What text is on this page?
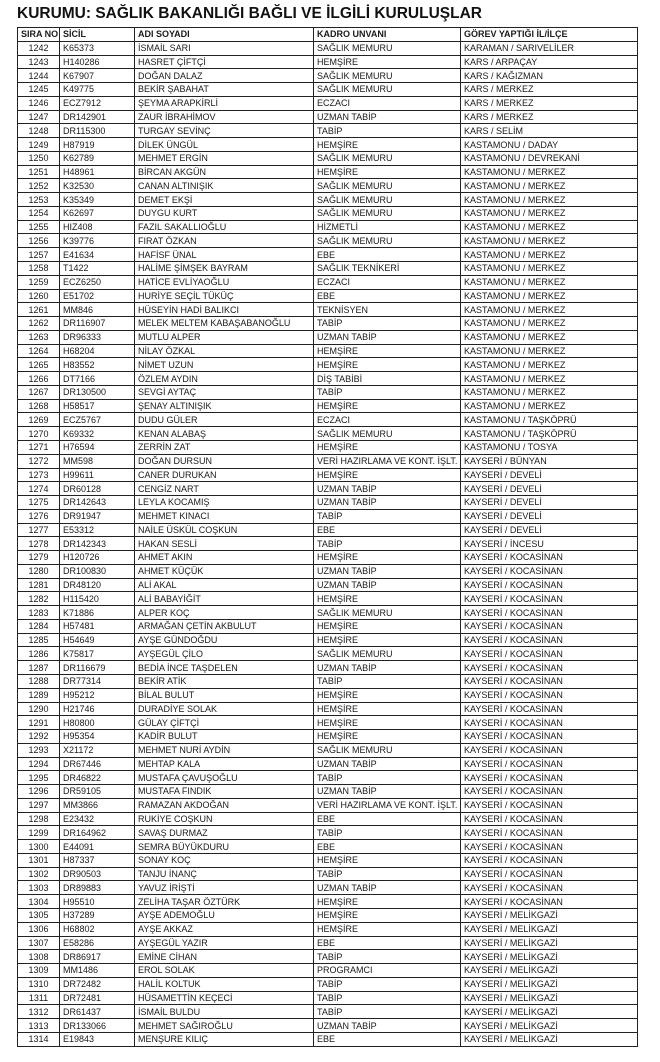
KURUMU: SAĞLIK BAKANLIĞI BAĞLI VE İLGİLİ KURULUŞLAR
SIRA NO	SİCİL	ADI SOYADI	KADRO UNVANI	GÖREV YAPTIĞI İL/İLÇE
1242	K65373	İSMAİL SARI	SAĞLIK MEMURU	KARAMAN / SARIVELİLER
1243	H140286	HASRET ÇİFTÇİ	HEMŞİRE	KARS / ARPAÇAY
1244	K67907	DOĞAN DALAZ	SAĞLIK MEMURU	KARS / KAĞIZMAN
1245	K49775	BEKİR ŞABAHAT	SAĞLIK MEMURU	KARS / MERKEZ
1246	ECZ7912	ŞEYMA ARAPKİRLİ	ECZACI	KARS / MERKEZ
1247	DR142901	ZAUR İBRAHİMOV	UZMAN TABİP	KARS / MERKEZ
1248	DR115300	TURGAY SEVİNÇ	TABİP	KARS / SELİM
1249	H87919	DİLEK ÜNGÜL	HEMŞİRE	KASTAMONU / DADAY
1250	K62789	MEHMET ERGİN	SAĞLIK MEMURU	KASTAMONU / DEVREKANİ
1251	H48961	BİRCAN AKGÜN	HEMŞİRE	KASTAMONU / MERKEZ
1252	K32530	CANAN ALTINIŞIK	SAĞLIK MEMURU	KASTAMONU / MERKEZ
1253	K35349	DEMET EKŞİ	SAĞLIK MEMURU	KASTAMONU / MERKEZ
1254	K62697	DUYGU KURT	SAĞLIK MEMURU	KASTAMONU / MERKEZ
1255	HIZ408	FAZIL SAKALLIOĞLU	HİZMETLİ	KASTAMONU / MERKEZ
1256	K39776	FIRAT ÖZKAN	SAĞLIK MEMURU	KASTAMONU / MERKEZ
1257	E41634	HAFİSF ÜNAL	EBE	KASTAMONU / MERKEZ
1258	T1422	HALİME ŞİMŞEK BAYRAM	SAĞLIK TEKNİKERİ	KASTAMONU / MERKEZ
1259	ECZ6250	HATİCE EVLİYAOĞLU	ECZACI	KASTAMONU / MERKEZ
1260	E51702	HURİYE SEÇİL TÜKÜÇ	EBE	KASTAMONU / MERKEZ
1261	MM846	HÜSEYİN HADİ BALIKCI	TEKNİSYEN	KASTAMONU / MERKEZ
1262	DR116907	MELEK MELTEM KABAŞABANOĞLU	TABİP	KASTAMONU / MERKEZ
1263	DR96333	MUTLU ALPER	UZMAN TABİP	KASTAMONU / MERKEZ
1264	H68204	NİLAY ÖZKAL	HEMŞİRE	KASTAMONU / MERKEZ
1265	H83552	NİMET UZUN	HEMŞİRE	KASTAMONU / MERKEZ
1266	DT7166	ÖZLEM AYDIN	DİŞ TABİBİ	KASTAMONU / MERKEZ
1267	DR130500	SEVGİ AYTAÇ	TABİP	KASTAMONU / MERKEZ
1268	H58517	ŞENAY ALTINIŞIK	HEMŞİRE	KASTAMONU / MERKEZ
1269	ECZ5767	DUDU GÜLER	ECZACI	KASTAMONU / TAŞKÖPRÜ
1270	K69332	KENAN ALABAŞ	SAĞLIK MEMURU	KASTAMONU / TAŞKÖPRÜ
1271	H76594	ZERRİN ZAT	HEMŞİRE	KASTAMONU / TOSYA
1272	MM598	DOĞAN DURSUN	VERİ HAZIRLAMA VE KONT. İŞLT.	KAYSERİ / BÜNYAN
1273	H99611	CANER DURUKAN	HEMŞİRE	KAYSERİ / DEVELİ
1274	DR60128	CENGİZ NART	UZMAN TABİP	KAYSERİ / DEVELİ
1275	DR142643	LEYLA KOCAMIŞ	UZMAN TABİP	KAYSERİ / DEVELİ
1276	DR91947	MEHMET KINACI	TABİP	KAYSERİ / DEVELİ
1277	E53312	NAİLE ÜSKÜL COŞKUN	EBE	KAYSERİ / DEVELİ
1278	DR142343	HAKAN SESLİ	TABİP	KAYSERİ / İNCESU
1279	H120726	AHMET AKIN	HEMŞİRE	KAYSERİ / KOCASİNAN
1280	DR100830	AHMET KÜÇÜK	UZMAN TABİP	KAYSERİ / KOCASİNAN
1281	DR48120	ALİ AKAL	UZMAN TABİP	KAYSERİ / KOCASİNAN
1282	H115420	ALİ BABAYİĞİT	HEMŞİRE	KAYSERİ / KOCASİNAN
1283	K71886	ALPER KOÇ	SAĞLIK MEMURU	KAYSERİ / KOCASİNAN
1284	H57481	ARMAĞAN ÇETİN AKBULUT	HEMŞİRE	KAYSERİ / KOCASİNAN
1285	H54649	AYŞE GÜNDOĞDU	HEMŞİRE	KAYSERİ / KOCASİNAN
1286	K75817	AYŞEGÜL ÇİLO	SAĞLIK MEMURU	KAYSERİ / KOCASİNAN
1287	DR116679	BEDİA İNCE TAŞDELEN	UZMAN TABİP	KAYSERİ / KOCASİNAN
1288	DR77314	BEKİR ATİK	TABİP	KAYSERİ / KOCASİNAN
1289	H95212	BİLAL BULUT	HEMŞİRE	KAYSERİ / KOCASİNAN
1290	H21746	DURADİYE SOLAK	HEMŞİRE	KAYSERİ / KOCASİNAN
1291	H80800	GÜLAY ÇİFTÇİ	HEMŞİRE	KAYSERİ / KOCASİNAN
1292	H95354	KADİR BULUT	HEMŞİRE	KAYSERİ / KOCASİNAN
1293	X21172	MEHMET NURİ AYDİN	SAĞLIK MEMURU	KAYSERİ / KOCASİNAN
1294	DR67446	MEHTAP KALA	UZMAN TABİP	KAYSERİ / KOCASİNAN
1295	DR46822	MUSTAFA ÇAVUŞOĞLU	TABİP	KAYSERİ / KOCASİNAN
1296	DR59105	MUSTAFA FINDIK	UZMAN TABİP	KAYSERİ / KOCASİNAN
1297	MM3866	RAMAZAN AKDOĞAN	VERİ HAZIRLAMA VE KONT. İŞLT.	KAYSERİ / KOCASİNAN
1298	E23432	RUKİYE COŞKUN	EBE	KAYSERİ / KOCASİNAN
1299	DR164962	SAVAŞ DURMAZ	TABİP	KAYSERİ / KOCASİNAN
1300	E44091	SEMRA BÜYÜKDURU	EBE	KAYSERİ / KOCASİNAN
1301	H87337	SONAY KOÇ	HEMŞİRE	KAYSERİ / KOCASİNAN
1302	DR90503	TANJU İNANÇ	TABİP	KAYSERİ / KOCASİNAN
1303	DR89883	YAVUZ İRİŞTİ	UZMAN TABİP	KAYSERİ / KOCASİNAN
1304	H95510	ZELİHA TAŞAR ÖZTÜRK	HEMŞİRE	KAYSERİ / KOCASİNAN
1305	H37289	AYŞE ADEMOĞLU	HEMŞİRE	KAYSERİ / MELİKGAZİ
1306	H68802	AYŞE AKKAZ	HEMŞİRE	KAYSERİ / MELİKGAZİ
1307	E58286	AYŞEGÜL YAZIR	EBE	KAYSERİ / MELİKGAZİ
1308	DR86917	EMİNE CİHAN	TABİP	KAYSERİ / MELİKGAZİ
1309	MM1486	EROL SOLAK	PROGRAMCI	KAYSERİ / MELİKGAZİ
1310	DR72482	HALİL KOLTUK	TABİP	KAYSERİ / MELİKGAZİ
1311	DR72481	HÜSAMETTİN KEÇECİ	TABİP	KAYSERİ / MELİKGAZİ
1312	DR61437	İSMAİL BULDU	TABİP	KAYSERİ / MELİKGAZİ
1313	DR133066	MEHMET SAĞIROĞLU	UZMAN TABİP	KAYSERİ / MELİKGAZİ
1314	E19843	MENŞURE KILIÇ	EBE	KAYSERİ / MELİKGAZİ
